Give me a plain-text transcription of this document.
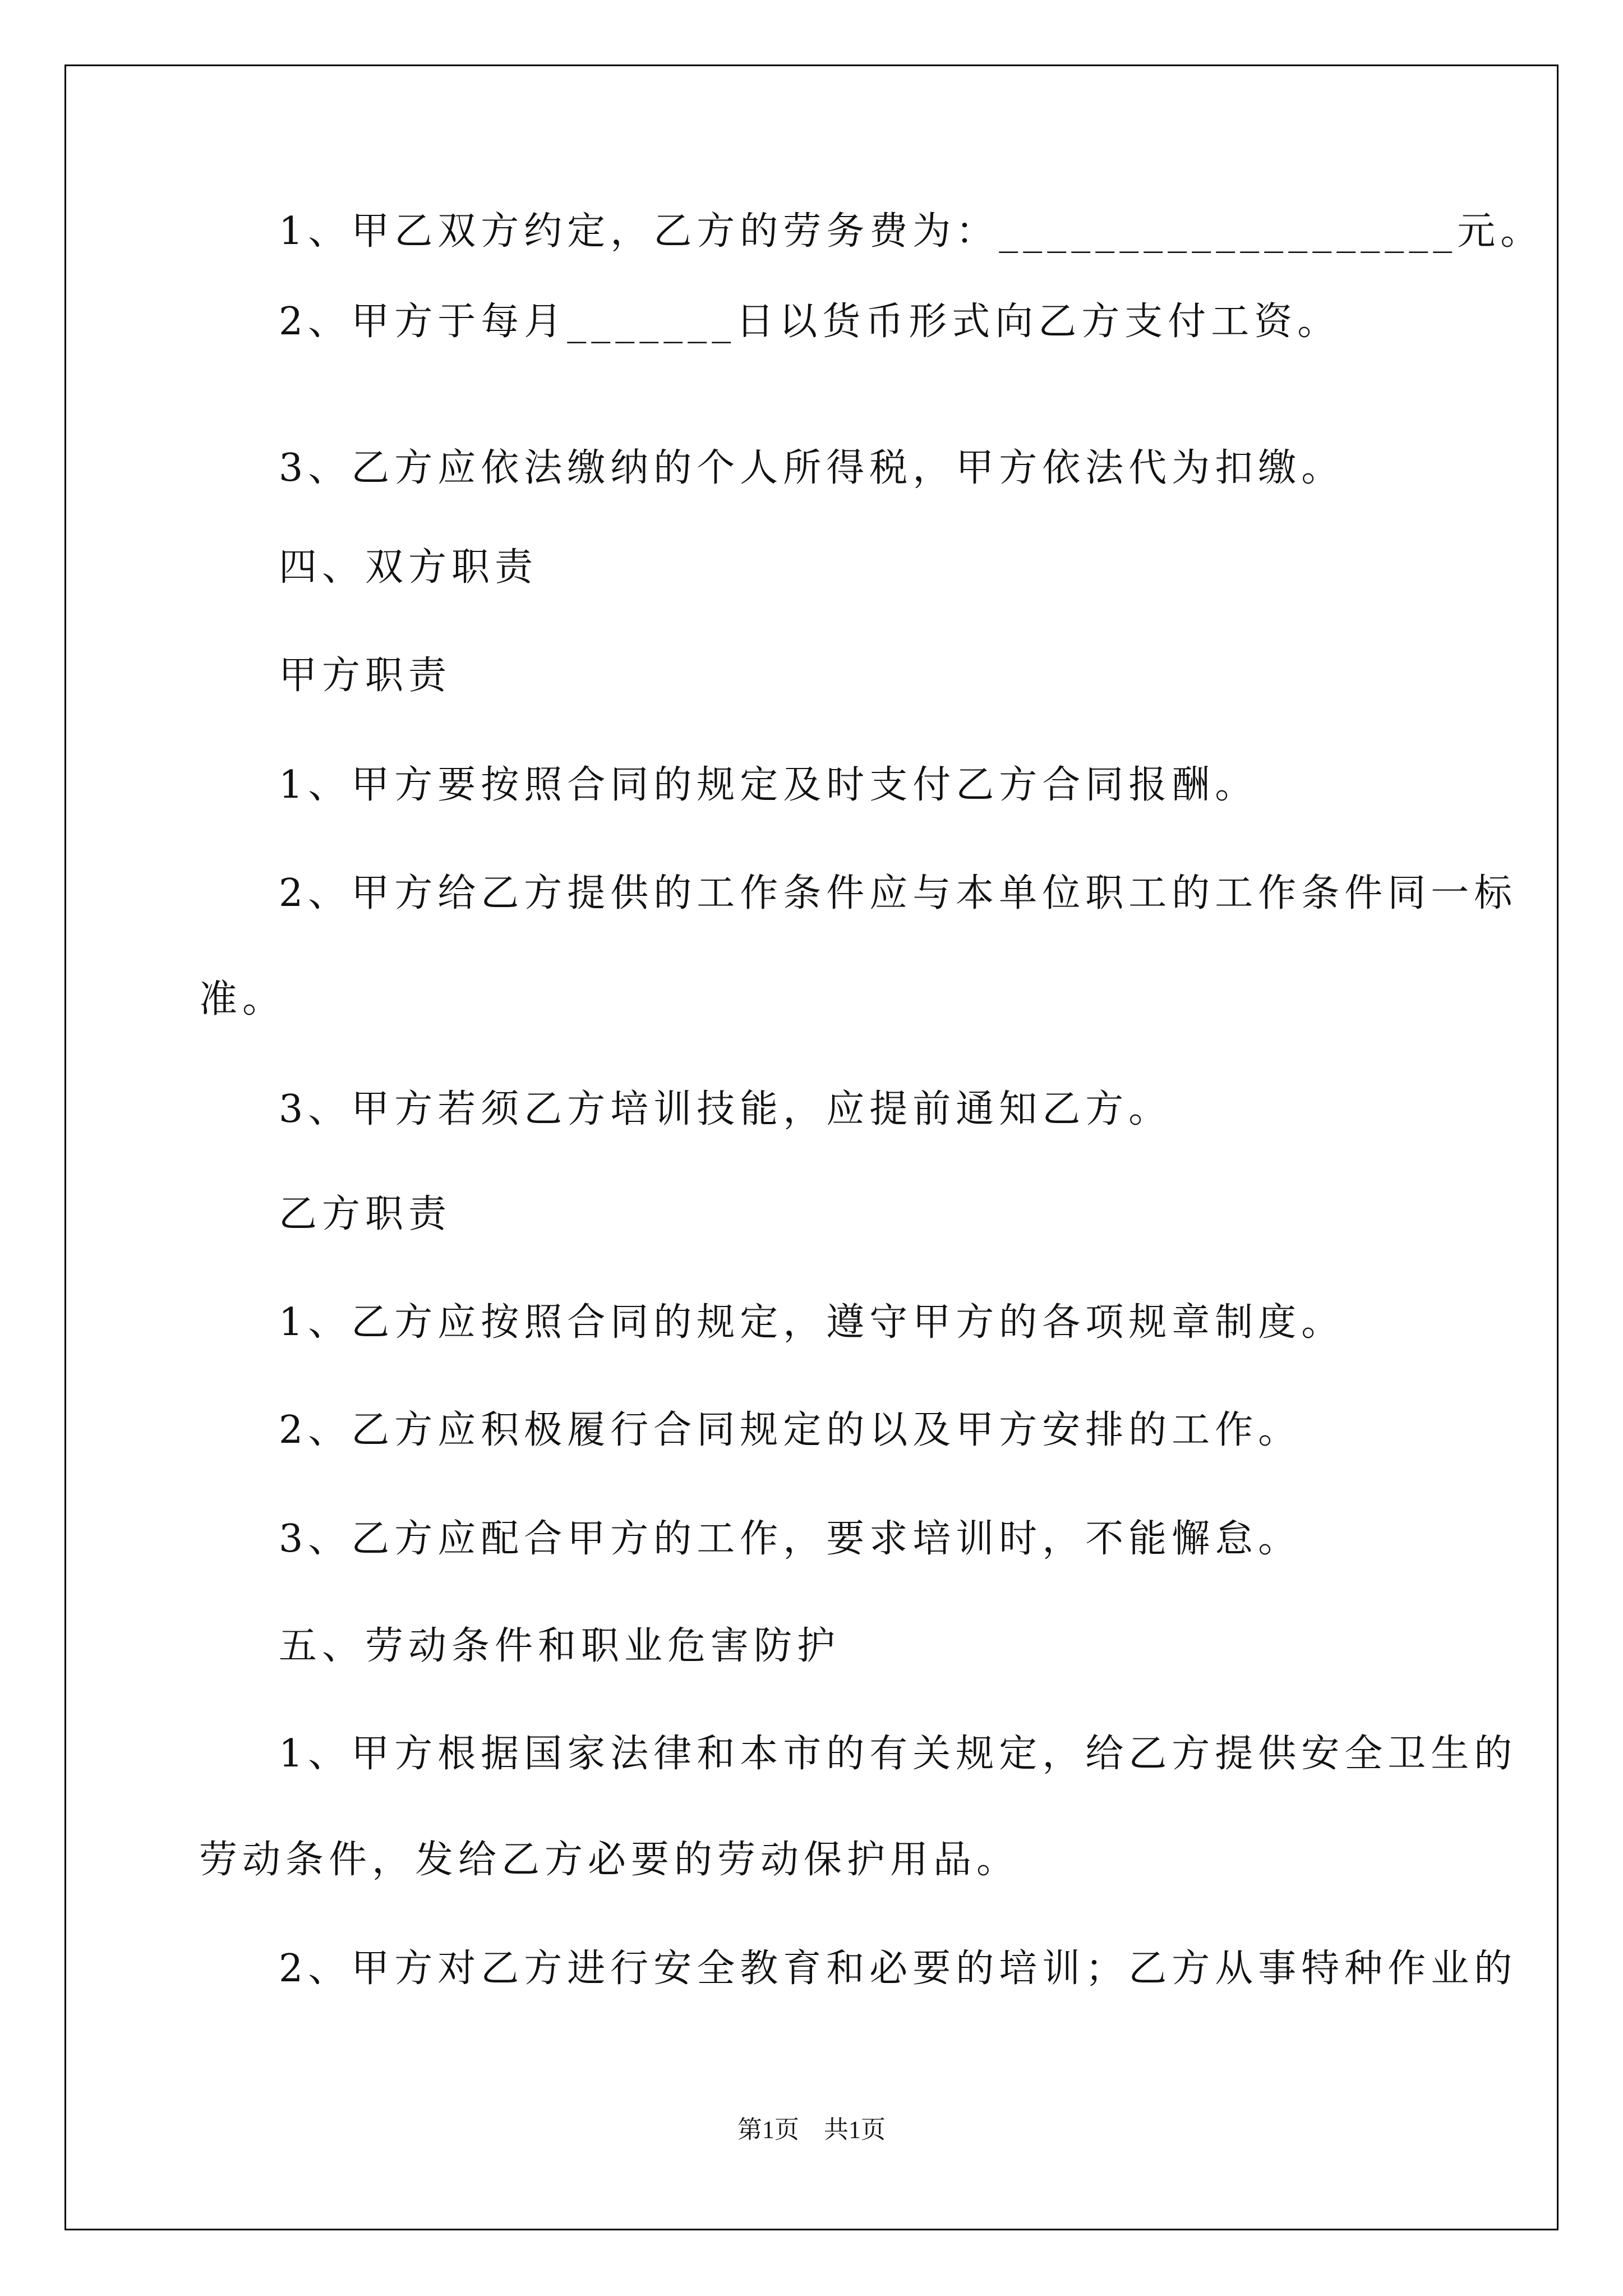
1、甲乙双方约定，乙方的劳务费为：___________________元。
2、甲方于每月_______日以货币形式向乙方支付工资。
3、乙方应依法缴纳的个人所得税，甲方依法代为扣缴。
四、双方职责
甲方职责
1、甲方要按照合同的规定及时支付乙方合同报酬。
2、甲方给乙方提供的工作条件应与本单位职工的工作条件同一标
准。
3、甲方若须乙方培训技能，应提前通知乙方。
乙方职责
1、乙方应按照合同的规定，遵守甲方的各项规章制度。
2、乙方应积极履行合同规定的以及甲方安排的工作。
3、乙方应配合甲方的工作，要求培训时，不能懈怠。
五、劳动条件和职业危害防护
1、甲方根据国家法律和本市的有关规定，给乙方提供安全卫生的
劳动条件，发给乙方必要的劳动保护用品。
2、甲方对乙方进行安全教育和必要的培训；乙方从事特种作业的
第1页　共1页
